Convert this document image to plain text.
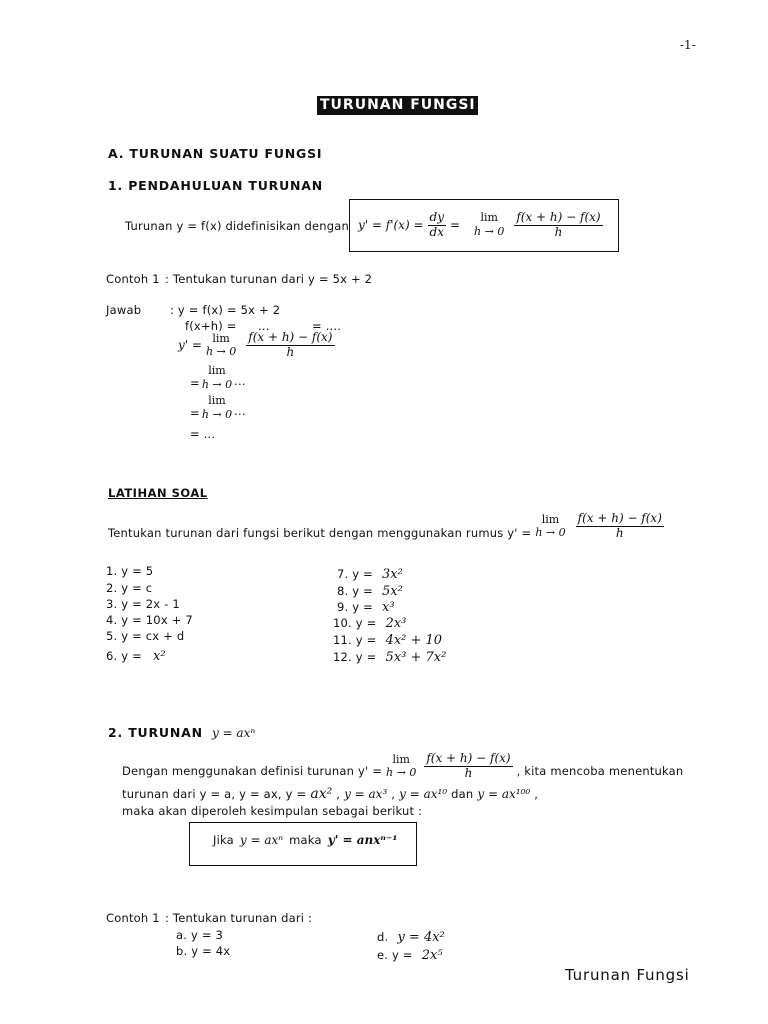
-1-
TURUNAN FUNGSI
A. TURUNAN SUATU FUNGSI
1. PENDAHULUAN TURUNAN
Turunan y = f(x) didefinisikan dengan $y' = f'(x) = \frac{dy}{dx}$ =
lim
$h \to 0 \frac{f(x + h) - f(x)}{h}$
Contoh 1 : Tentukan turunan dari y = 5x + 2
Jawab	: y = f(x) = 5x + 2
f(x+h) = ...	= ....
y' =
lim
$h \to 0 \frac{f(x + h) - f(x)}{h}$
=
lim
h → 0 ...
=
lim
h → 0 ...
= ...
LATIHAN SOAL
Tentukan turunan dari fungsi berikut dengan menggunakan rumus y' =
lim
$h \to 0 \frac{f(x + h) - f(x)}{h}$
1. y = 5
2. y = c
3. y = 2x - 1
4. y = 10x + 7
5. y = cx + d
6. y = x²
7. y = 3x²
8. y = 5x²
9. y = x³
10. y = 2x³
11. y = 4x² + 10
12. y = 5x³ + 7x²
2. TURUNAN y = axⁿ
Dengan menggunakan definisi turunan y' =
lim
$h \to 0 \frac{f(x + h) - f(x)}{h}$ , kita mencoba menentukan
turunan dari y = a, y = ax, y = ax² , y = ax³ , y = ax¹⁰ dan y = ax¹⁰⁰ ,
maka akan diperoleh kesimpulan sebagai berikut :
Jika y = axⁿ maka y' = anxⁿ⁻¹
Contoh 1 : Tentukan turunan dari :
a. y = 3
b. y = 4x
d. y = 4x²
e. y = 2x⁵
Turunan Fungsi
